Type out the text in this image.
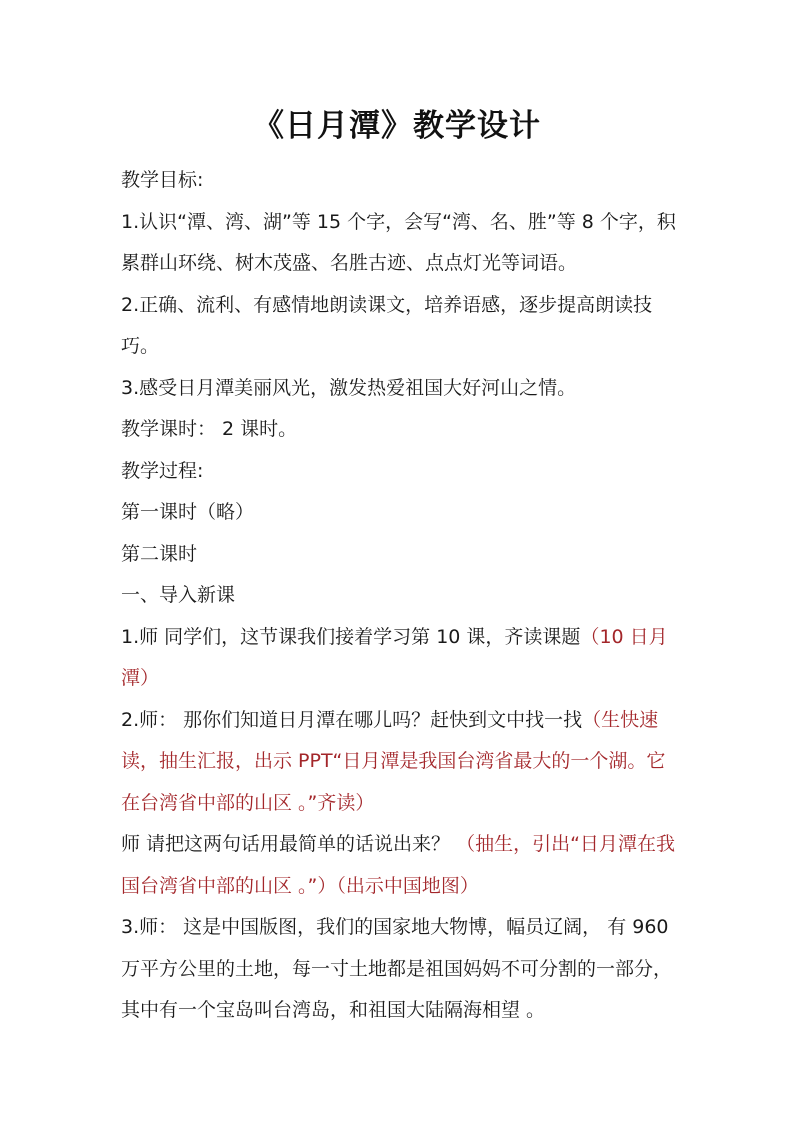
《日月潭》教学设计

教学目标:

1.认识“潭、湾、湖”等 15 个字，会写“湾、名、胜”等 8 个字，积累群山环绕、树木茂盛、名胜古迹、点点灯光等词语。

2.正确、流利、有感情地朗读课文，培养语感，逐步提高朗读技巧。

3.感受日月潭美丽风光，激发热爱祖国大好河山之情。

教学课时： 2 课时。

教学过程:

第一课时（略）

第二课时

一、导入新课

1.师 同学们，这节课我们接着学习第 10 课，齐读课题（10 日月潭）

2.师： 那你们知道日月潭在哪儿吗？赶快到文中找一找（生快速读，抽生汇报，出示 PPT“日月潭是我国台湾省最大的一个湖。它在台湾省中部的山区 。”齐读）

师 请把这两句话用最简单的话说出来？ （抽生，引出“日月潭在我国台湾省中部的山区 。”）（出示中国地图）

3.师： 这是中国版图，我们的国家地大物博，幅员辽阔， 有 960 万平方公里的土地，每一寸土地都是祖国妈妈不可分割的一部分，其中有一个宝岛叫台湾岛，和祖国大陆隔海相望 。
